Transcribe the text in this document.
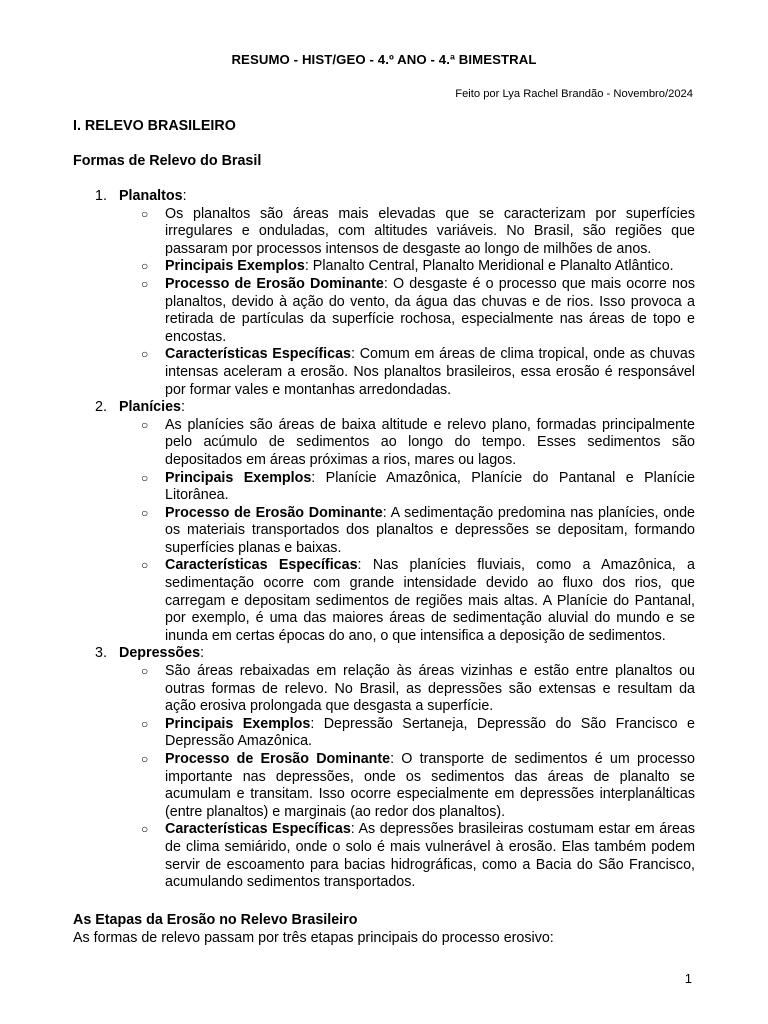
RESUMO - HIST/GEO - 4.º ANO - 4.ª BIMESTRAL
Feito por Lya Rachel Brandão - Novembro/2024
I. RELEVO BRASILEIRO
Formas de Relevo do Brasil
1. Planaltos:
○ Os planaltos são áreas mais elevadas que se caracterizam por superfícies irregulares e onduladas, com altitudes variáveis. No Brasil, são regiões que passaram por processos intensos de desgaste ao longo de milhões de anos.
○ Principais Exemplos: Planalto Central, Planalto Meridional e Planalto Atlântico.
○ Processo de Erosão Dominante: O desgaste é o processo que mais ocorre nos planaltos, devido à ação do vento, da água das chuvas e de rios. Isso provoca a retirada de partículas da superfície rochosa, especialmente nas áreas de topo e encostas.
○ Características Específicas: Comum em áreas de clima tropical, onde as chuvas intensas aceleram a erosão. Nos planaltos brasileiros, essa erosão é responsável por formar vales e montanhas arredondadas.
2. Planícies:
○ As planícies são áreas de baixa altitude e relevo plano, formadas principalmente pelo acúmulo de sedimentos ao longo do tempo. Esses sedimentos são depositados em áreas próximas a rios, mares ou lagos.
○ Principais Exemplos: Planície Amazônica, Planície do Pantanal e Planície Litorânea.
○ Processo de Erosão Dominante: A sedimentação predomina nas planícies, onde os materiais transportados dos planaltos e depressões se depositam, formando superfícies planas e baixas.
○ Características Específicas: Nas planícies fluviais, como a Amazônica, a sedimentação ocorre com grande intensidade devido ao fluxo dos rios, que carregam e depositam sedimentos de regiões mais altas. A Planície do Pantanal, por exemplo, é uma das maiores áreas de sedimentação aluvial do mundo e se inunda em certas épocas do ano, o que intensifica a deposição de sedimentos.
3. Depressões:
○ São áreas rebaixadas em relação às áreas vizinhas e estão entre planaltos ou outras formas de relevo. No Brasil, as depressões são extensas e resultam da ação erosiva prolongada que desgasta a superfície.
○ Principais Exemplos: Depressão Sertaneja, Depressão do São Francisco e Depressão Amazônica.
○ Processo de Erosão Dominante: O transporte de sedimentos é um processo importante nas depressões, onde os sedimentos das áreas de planalto se acumulam e transitam. Isso ocorre especialmente em depressões interplanálticas (entre planaltos) e marginais (ao redor dos planaltos).
○ Características Específicas: As depressões brasileiras costumam estar em áreas de clima semiárido, onde o solo é mais vulnerável à erosão. Elas também podem servir de escoamento para bacias hidrográficas, como a Bacia do São Francisco, acumulando sedimentos transportados.
As Etapas da Erosão no Relevo Brasileiro
As formas de relevo passam por três etapas principais do processo erosivo:
1
